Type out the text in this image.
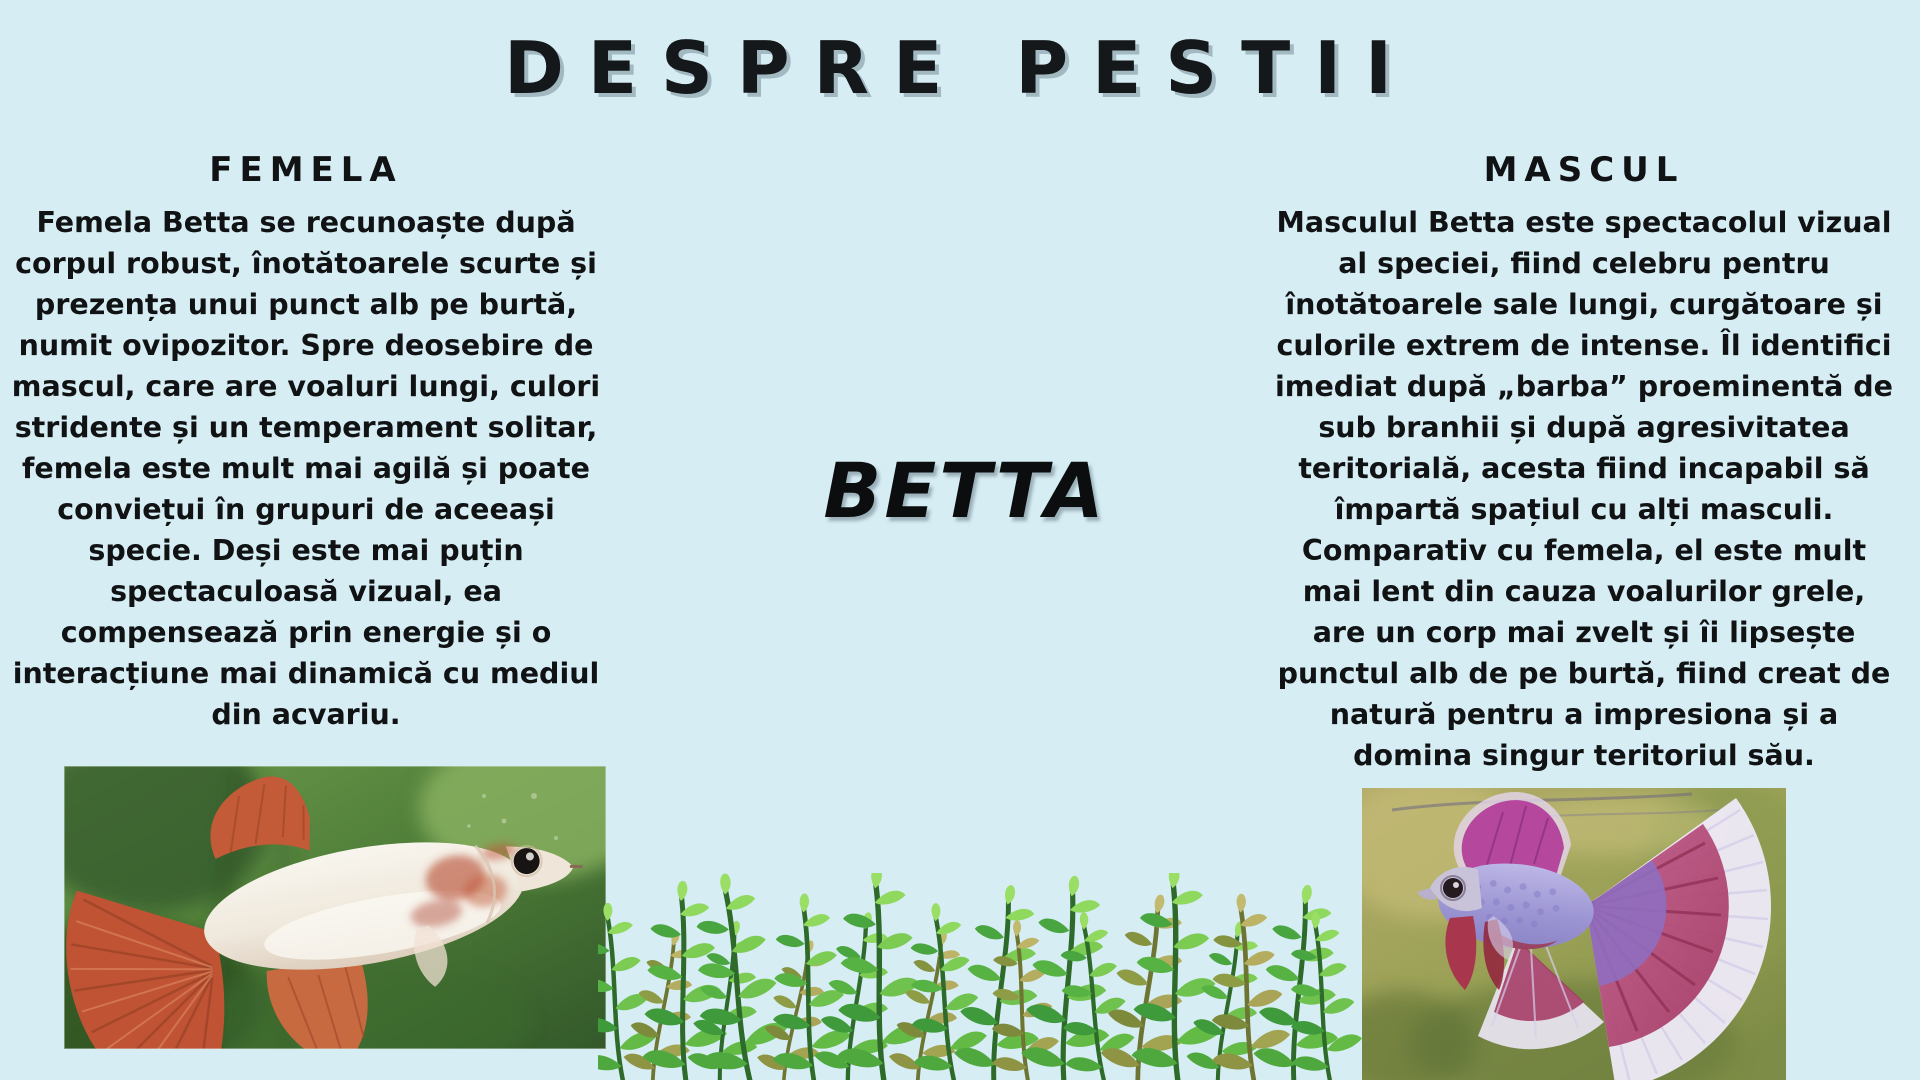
DESPRE PESTII
FEMELA

Femela Betta se recunoaște după corpul robust, înotătoarele scurte și prezența unui punct alb pe burtă, numit ovipozitor. Spre deosebire de mascul, care are voaluri lungi, culori stridente și un temperament solitar, femela este mult mai agilă și poate conviețui în grupuri de aceeași specie. Deși este mai puțin spectaculoasă vizual, ea compensează prin energie și o interacțiune mai dinamică cu mediul din acvariu.

MASCUL

Masculul Betta este spectacolul vizual al speciei, fiind celebru pentru înotătoarele sale lungi, curgătoare și culorile extrem de intense. Îl identifici imediat după „barba” proeminentă de sub branhii și după agresivitatea teritorială, acesta fiind incapabil să împartă spațiul cu alți masculi. Comparativ cu femela, el este mult mai lent din cauza voalurilor grele, are un corp mai zvelt și îi lipsește punctul alb de pe burtă, fiind creat de natură pentru a impresiona și a domina singur teritoriul său.

BETTA
